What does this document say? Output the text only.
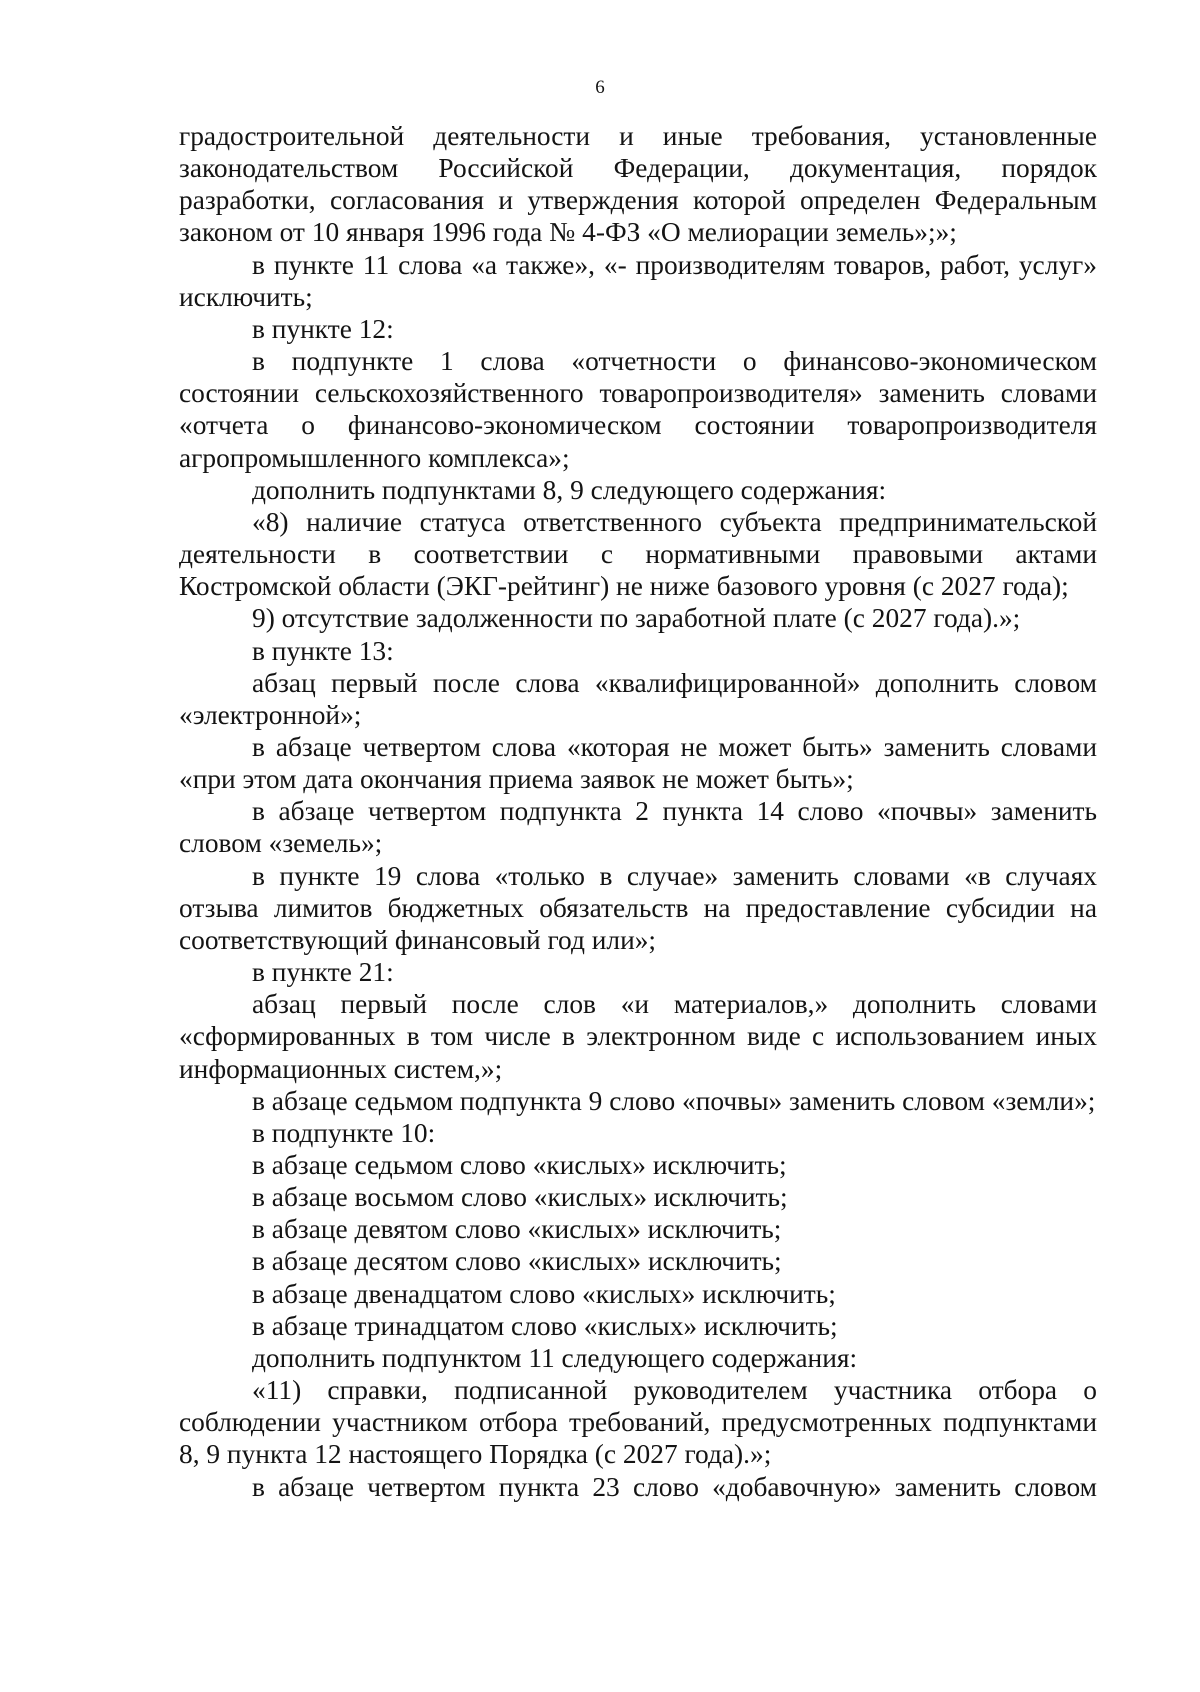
6

градостроительной деятельности и иные требования, установленные законодательством Российской Федерации, документация, порядок разработки, согласования и утверждения которой определен Федеральным законом от 10 января 1996 года № 4-ФЗ «О мелиорации земель»;»;

в пункте 11 слова «а также», «- производителям товаров, работ, услуг» исключить;

в пункте 12:

в подпункте 1 слова «отчетности о финансово-экономическом состоянии сельскохозяйственного товаропроизводителя» заменить словами «отчета о финансово-экономическом состоянии товаропроизводителя агропромышленного комплекса»;

дополнить подпунктами 8, 9 следующего содержания:

«8) наличие статуса ответственного субъекта предпринимательской деятельности в соответствии с нормативными правовыми актами Костромской области (ЭКГ-рейтинг) не ниже базового уровня (с 2027 года);

9) отсутствие задолженности по заработной плате (с 2027 года).»;

в пункте 13:

абзац первый после слова «квалифицированной» дополнить словом «электронной»;

в абзаце четвертом слова «которая не может быть» заменить словами «при этом дата окончания приема заявок не может быть»;

в абзаце четвертом подпункта 2 пункта 14 слово «почвы» заменить словом «земель»;

в пункте 19 слова «только в случае» заменить словами «в случаях отзыва лимитов бюджетных обязательств на предоставление субсидии на соответствующий финансовый год или»;

в пункте 21:

абзац первый после слов «и материалов,» дополнить словами «сформированных в том числе в электронном виде с использованием иных информационных систем,»;

в абзаце седьмом подпункта 9 слово «почвы» заменить словом «земли»;

в подпункте 10:

в абзаце седьмом слово «кислых» исключить;

в абзаце восьмом слово «кислых» исключить;

в абзаце девятом слово «кислых» исключить;

в абзаце десятом слово «кислых» исключить;

в абзаце двенадцатом слово «кислых» исключить;

в абзаце тринадцатом слово «кислых» исключить;

дополнить подпунктом 11 следующего содержания:

«11) справки, подписанной руководителем участника отбора о соблюдении участником отбора требований, предусмотренных подпунктами 8, 9 пункта 12 настоящего Порядка (с 2027 года).»;

в абзаце четвертом пункта 23 слово «добавочную» заменить словом
